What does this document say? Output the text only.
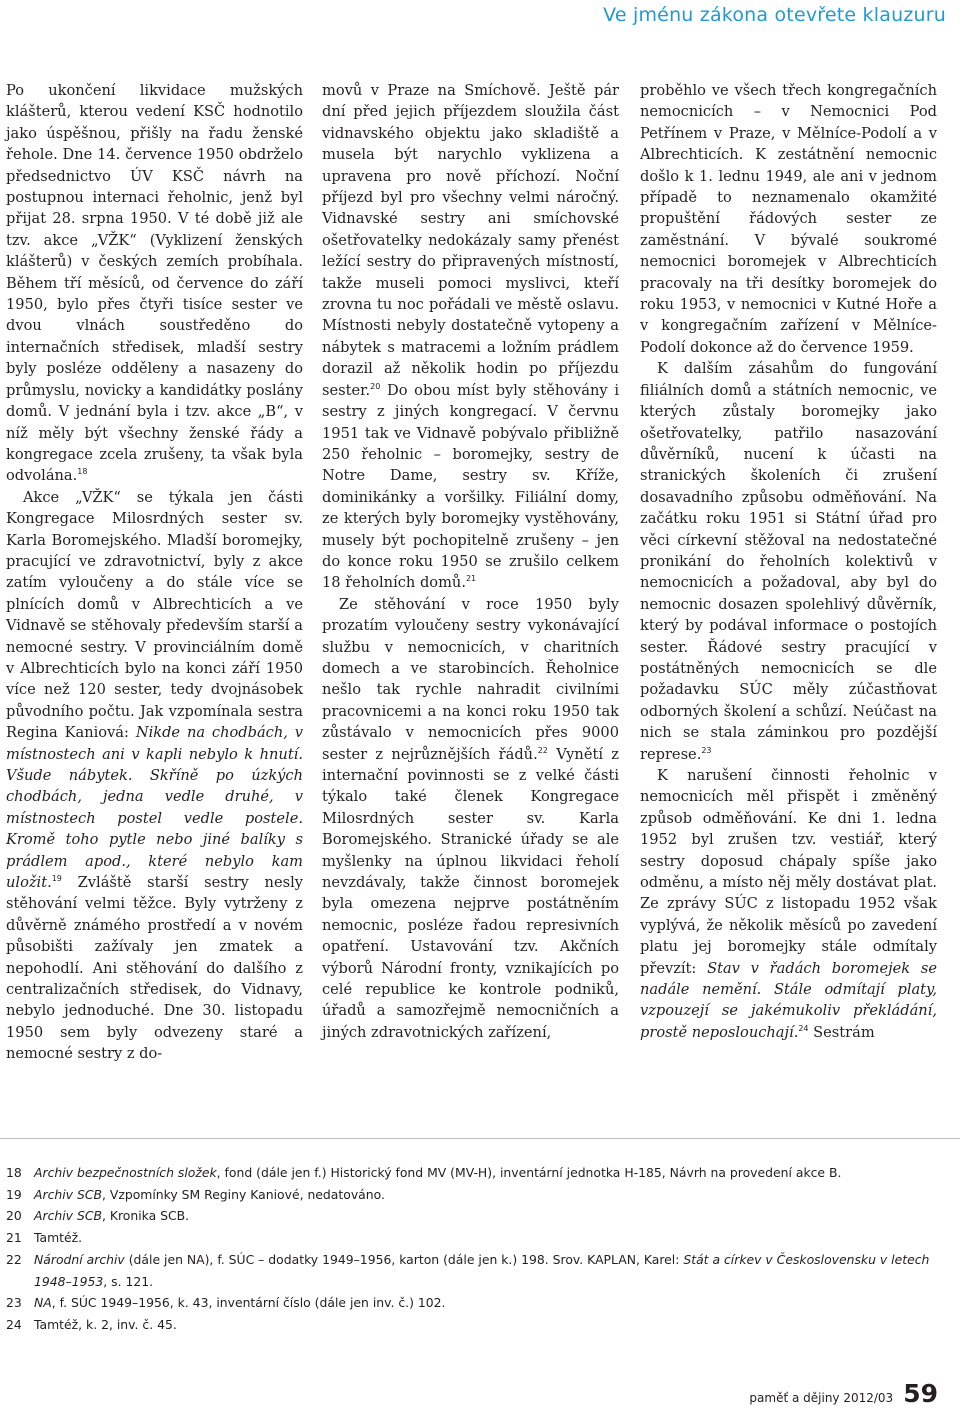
Ve jménu zákona otevřete klauzuru

Po ukončení likvidace mužských klášterů, kterou vedení KSČ hodnotilo jako úspěšnou, přišly na řadu ženské řehole. Dne 14. července 1950 obdrželo předsednictvo ÚV KSČ návrh na postupnou internaci řeholnic, jenž byl přijat 28. srpna 1950. V té době již ale tzv. akce „VŽK“ (Vyklizení ženských klášterů) v českých zemích probíhala. Během tří měsíců, od července do září 1950, bylo přes čtyři tisíce sester ve dvou vlnách soustředěno do internačních středisek, mladší sestry byly posléze odděleny a nasazeny do průmyslu, novicky a kandidátky poslány domů. V jednání byla i tzv. akce „B“, v níž měly být všechny ženské řády a kongregace zcela zrušeny, ta však byla odvolána.$^{18}$

Akce „VŽK“ se týkala jen části Kongregace Milosrdných sester sv. Karla Boromejského. Mladší boromejky, pracující ve zdravotnictví, byly z akce zatím vyloučeny a do stále více se plnících domů v Albrechticích a ve Vidnavě se stěhovaly především starší a nemocné sestry. V provinciálním domě v Albrechticích bylo na konci září 1950 více než 120 sester, tedy dvojnásobek původního počtu. Jak vzpomínala sestra Regina Kaniová: Nikde na chodbách, v místnostech ani v kapli nebylo k hnutí. Všude nábytek. Skříně po úzkých chodbách, jedna vedle druhé, v místnostech postel vedle postele. Kromě toho pytle nebo jiné balíky s prádlem apod., které nebylo kam uložit.$^{19}$ Zvláště starší sestry nesly stěhování velmi těžce. Byly vytrženy z důvěrně známého prostředí a v novém působišti zažívaly jen zmatek a nepohodlí. Ani stěhování do dalšího z centralizačních středisek, do Vidnavy, nebylo jednoduché. Dne 30. listopadu 1950 sem byly odvezeny staré a nemocné sestry z do-

movů v Praze na Smíchově. Ještě pár dní před jejich příjezdem sloužila část vidnavského objektu jako skladiště a musela být narychlo vyklizena a upravena pro nově příchozí. Noční příjezd byl pro všechny velmi náročný. Vidnavské sestry ani smíchovské ošetřovatelky nedokázaly samy přenést ležící sestry do připravených místností, takže museli pomoci myslivci, kteří zrovna tu noc pořádali ve městě oslavu. Místnosti nebyly dostatečně vytopeny a nábytek s matracemi a ložním prádlem dorazil až několik hodin po příjezdu sester.$^{20}$ Do obou míst byly stěhovány i sestry z jiných kongregací. V červnu 1951 tak ve Vidnavě pobývalo přibližně 250 řeholnic – boromejky, sestry de Notre Dame, sestry sv. Kříže, dominikánky a voršilky. Filiální domy, ze kterých byly boromejky vystěhovány, musely být pochopitelně zrušeny – jen do konce roku 1950 se zrušilo celkem 18 řeholních domů.$^{21}$

Ze stěhování v roce 1950 byly prozatím vyloučeny sestry vykonávající službu v nemocnicích, v charitních domech a ve starobincích. Řeholnice nešlo tak rychle nahradit civilními pracovnicemi a na konci roku 1950 tak zůstávalo v nemocnicích přes 9000 sester z nejrůznějších řádů.$^{22}$ Vynětí z internační povinnosti se z velké části týkalo také členek Kongregace Milosrdných sester sv. Karla Boromejského. Stranické úřady se ale myšlenky na úplnou likvidaci řeholí nevzdávaly, takže činnost boromejek byla omezena nejprve postátněním nemocnic, posléze řadou represivních opatření. Ustavování tzv. Akčních výborů Národní fronty, vznikajících po celé republice ke kontrole podniků, úřadů a samozřejmě nemocničních a jiných zdravotnických zařízení,

proběhlo ve všech třech kongregačních nemocnicích – v Nemocnici Pod Petřínem v Praze, v Mělníce-Podolí a v Albrechticích. K zestátnění nemocnic došlo k 1. lednu 1949, ale ani v jednom případě to neznamenalo okamžité propuštění řádových sester ze zaměstnání. V bývalé soukromé nemocnici boromejek v Albrechticích pracovaly na tři desítky boromejek do roku 1953, v nemocnici v Kutné Hoře a v kongregačním zařízení v Mělníce-Podolí dokonce až do července 1959.

K dalším zásahům do fungování filiálních domů a státních nemocnic, ve kterých zůstaly boromejky jako ošetřovatelky, patřilo nasazování důvěrníků, nucení k účasti na stranických školeních či zrušení dosavadního způsobu odměňování. Na začátku roku 1951 si Státní úřad pro věci církevní stěžoval na nedostatečné pronikání do řeholních kolektivů v nemocnicích a požadoval, aby byl do nemocnic dosazen spolehlivý důvěrník, který by podával informace o postojích sester. Řádové sestry pracující v postátněných nemocnicích se dle požadavku SÚC měly zúčastňovat odborných školení a schůzí. Neúčast na nich se stala záminkou pro pozdější represe.$^{23}$

K narušení činnosti řeholnic v nemocnicích měl přispět i změněný způsob odměňování. Ke dni 1. ledna 1952 byl zrušen tzv. vestiář, který sestry doposud chápaly spíše jako odměnu, a místo něj měly dostávat plat. Ze zprávy SÚC z listopadu 1952 však vyplývá, že několik měsíců po zavedení platu jej boromejky stále odmítaly převzít: Stav v řadách boromejek se nadále nemění. Stále odmítají platy, vzpouzejí se jakémukoliv překládání, prostě neposlouchají.$^{24}$ Sestrám

18 Archiv bezpečnostních složek, fond (dále jen f.) Historický fond MV (MV-H), inventární jednotka H-185, Návrh na provedení akce B.
19 Archiv SCB, Vzpomínky SM Reginy Kaniové, nedatováno.
20 Archiv SCB, Kronika SCB.
21 Tamtéž.
22 Národní archiv (dále jen NA), f. SÚC – dodatky 1949–1956, karton (dále jen k.) 198. Srov. KAPLAN, Karel: Stát a církev v Československu v letech 1948–1953, s. 121.
23 NA, f. SÚC 1949–1956, k. 43, inventární číslo (dále jen inv. č.) 102.
24 Tamtéž, k. 2, inv. č. 45.
paměť a dějiny 2012/03 59
